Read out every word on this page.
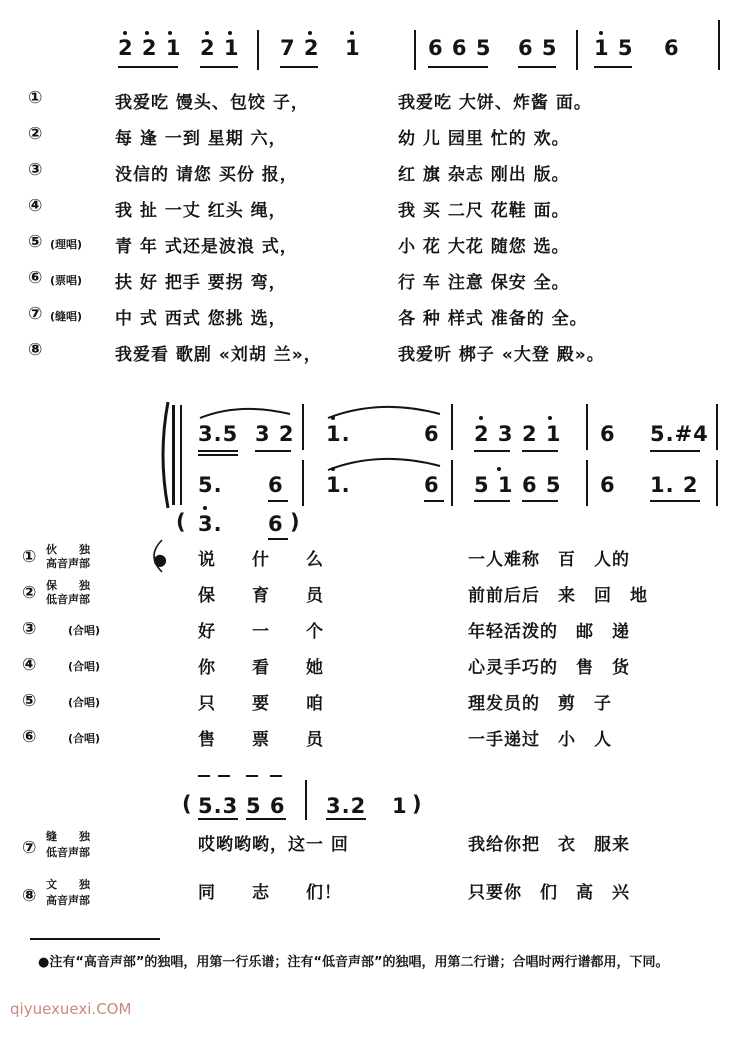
2 2 1 2 1 7 2 1	6 6 5 6 5 1 5 6
①	我爱吃 馒头、包饺 子，	我爱吃 大饼、炸酱 面。
②	每 逢 一到 星期 六，	幼 儿 园里 忙的 欢。
③	没信的 请您 买份 报，	红 旗 杂志 刚出 版。
④	我 扯 一丈 红头 绳，	我 买 二尺 花鞋 面。
⑤ (理唱) 青 年 式还是波浪 式，	小 花 大花 随您 选。
⑥ (票唱) 扶 好 把手 要拐 弯，	行 车 注意 保安 全。
⑦ (缝唱) 中 式 西式 您挑 选，	各 种 样式 准备的 全。
⑧	我爱看 歌剧 «刘胡 兰»，	我爱听 梆子 «大登 殿»。
3.5 3 2 1.	6 2 3 2 1 6 5.#4
5. 6 1.	6 5 1 6 5 6 1. 2
( 3. 6 )
① 伙　　独
高音声部	说　　什　　么	一人难称　百　人的
② 保　　独
低音声部	保　　育　　员	前前后后　来　回　地
③	(合唱)	好　　一　　个	年轻活泼的　邮　递
④	(合唱)	你　　看　　她	心灵手巧的　售　货
⑤	(合唱)	只　　要　　咱	理发员的　剪　子
⑥	(合唱)	售　　票　　员	一手递过　小　人
●
( 5.3 5 6 3.2 1 )
⑦
缝　　独
低音声部	哎哟哟哟，这一 回	我给你把　衣　服来
⑧
文　　独
高音声部	同　　志　　们！	只要你　们　高　兴
●注有“高音声部”的独唱，用第一行乐谱；注有“低音声部”的独唱，用第二行谱；合唱时两行谱都用，下同。
qiyuexuexi.COM
